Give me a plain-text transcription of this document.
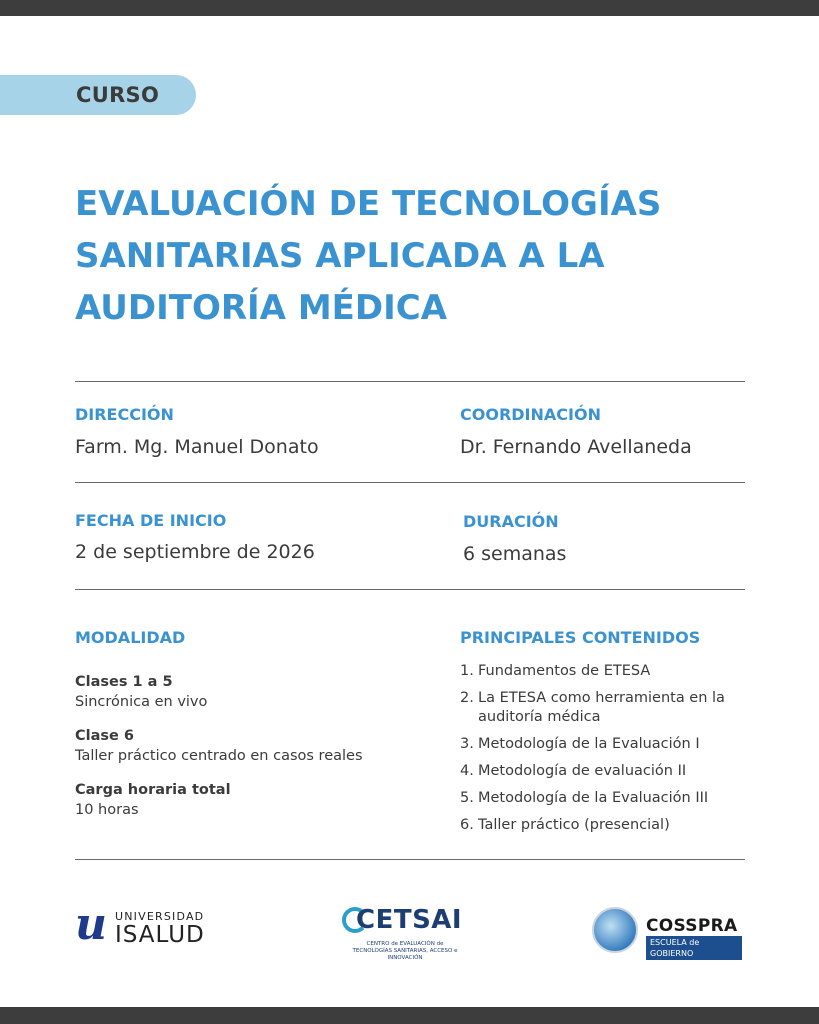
CURSO
EVALUACIÓN DE TECNOLOGÍAS
SANITARIAS APLICADA A LA
AUDITORÍA MÉDICA
DIRECCIÓN
Farm. Mg. Manuel Donato
COORDINACIÓN
Dr. Fernando Avellaneda
FECHA DE INICIO
2 de septiembre de 2026
DURACIÓN
6 semanas
MODALIDAD	PRINCIPALES CONTENIDOS
Clases 1 a 5
Sincrónica en vivo
Clase 6
Taller práctico centrado en casos reales
Carga horaria total
10 horas
1. Fundamentos de ETESA
2. La ETESA como herramienta en la auditoría médica
3. Metodología de la Evaluación I
4. Metodología de evaluación II
5. Metodología de la Evaluación III
6. Taller práctico (presencial)
u UNIVERSIDAD
ISALUD	CETSAI
CENTRO de EVALUACIÓN de TECNOLOGÍAS SANITARIAS, ACCESO e INNOVACIÓN
COSSPRA
ESCUELA de GOBIERNO
